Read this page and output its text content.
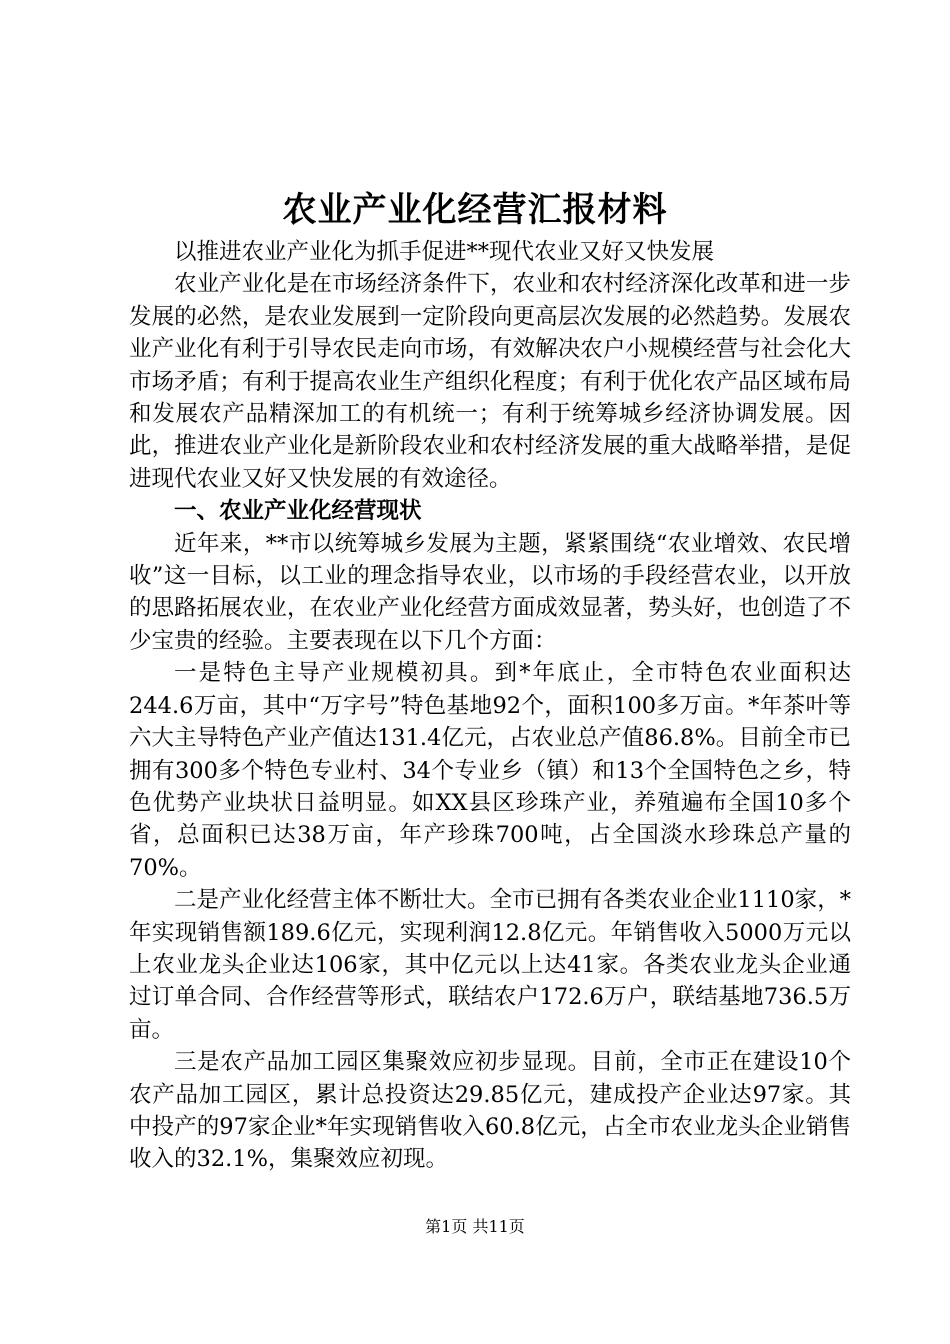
农业产业化经营汇报材料

以推进农业产业化为抓手促进**现代农业又好又快发展

农业产业化是在市场经济条件下，农业和农村经济深化改革和进一步发展的必然，是农业发展到一定阶段向更高层次发展的必然趋势。发展农业产业化有利于引导农民走向市场，有效解决农户小规模经营与社会化大市场矛盾；有利于提高农业生产组织化程度；有利于优化农产品区域布局和发展农产品精深加工的有机统一；有利于统筹城乡经济协调发展。因此，推进农业产业化是新阶段农业和农村经济发展的重大战略举措，是促进现代农业又好又快发展的有效途径。

一、农业产业化经营现状

近年来，**市以统筹城乡发展为主题，紧紧围绕“农业增效、农民增收”这一目标，以工业的理念指导农业，以市场的手段经营农业，以开放的思路拓展农业，在农业产业化经营方面成效显著，势头好，也创造了不少宝贵的经验。主要表现在以下几个方面：

一是特色主导产业规模初具。到*年底止，全市特色农业面积达244.6万亩，其中“万字号”特色基地92个，面积100多万亩。*年茶叶等六大主导特色产业产值达131.4亿元，占农业总产值86.8%。目前全市已拥有300多个特色专业村、34个专业乡（镇）和13个全国特色之乡，特色优势产业块状日益明显。如XX县区珍珠产业，养殖遍布全国10多个省，总面积已达38万亩，年产珍珠700吨，占全国淡水珍珠总产量的70%。

二是产业化经营主体不断壮大。全市已拥有各类农业企业1110家，*年实现销售额189.6亿元，实现利润12.8亿元。年销售收入5000万元以上农业龙头企业达106家，其中亿元以上达41家。各类农业龙头企业通过订单合同、合作经营等形式，联结农户172.6万户，联结基地736.5万亩。

三是农产品加工园区集聚效应初步显现。目前，全市正在建设10个农产品加工园区，累计总投资达29.85亿元，建成投产企业达97家。其中投产的97家企业*年实现销售收入60.8亿元，占全市农业龙头企业销售收入的32.1%，集聚效应初现。

第1页 共11页
